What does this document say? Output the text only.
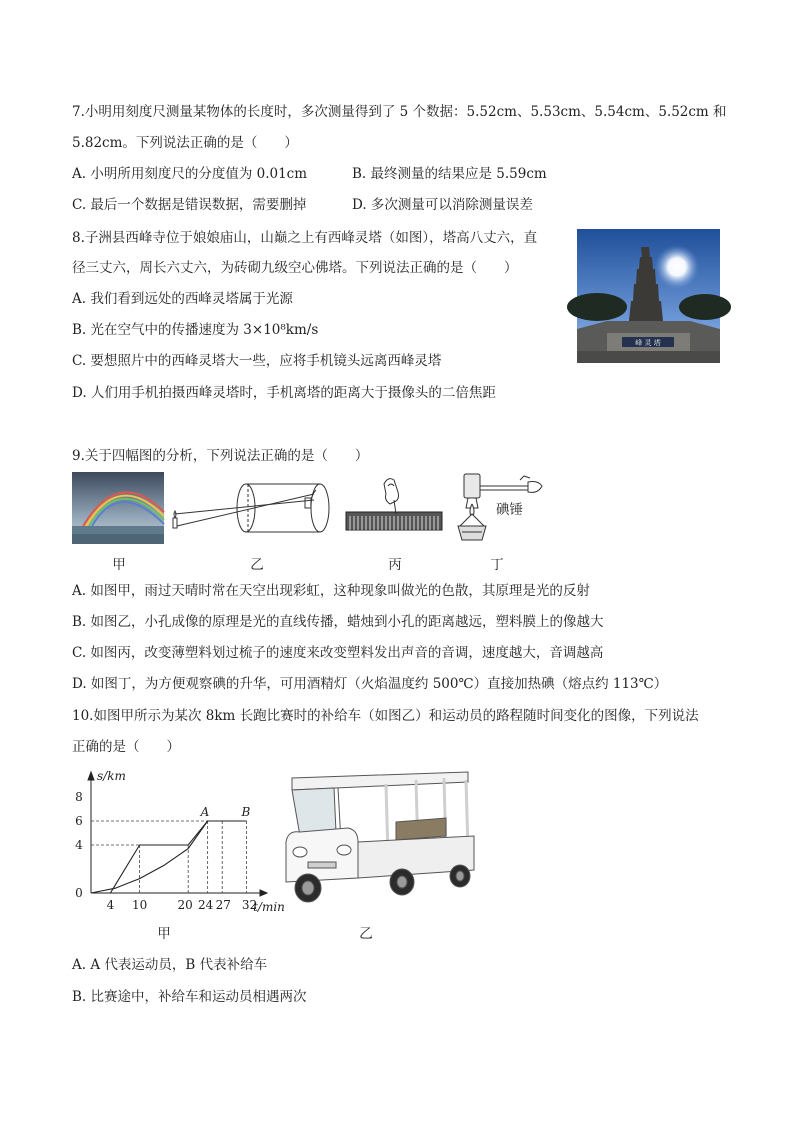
7.小明用刻度尺测量某物体的长度时，多次测量得到了 5 个数据：5.52cm、5.53cm、5.54cm、5.52cm 和
5.82cm。下列说法正确的是（　　）
A. 小明所用刻度尺的分度值为 0.01cm	B. 最终测量的结果应是 5.59cm
C. 最后一个数据是错误数据，需要删掉	D. 多次测量可以消除测量误差
8.子洲县西峰寺位于娘娘庙山，山巅之上有西峰灵塔（如图），塔高八丈六，直
径三丈六，周长六丈六，为砖砌九级空心佛塔。下列说法正确的是（　　）
A. 我们看到远处的西峰灵塔属于光源
B. 光在空气中的传播速度为 3×10⁸km/s
C. 要想照片中的西峰灵塔大一些，应将手机镜头远离西峰灵塔
D. 人们用手机拍摄西峰灵塔时，手机离塔的距离大于摄像头的二倍焦距
峰 灵 塔
9.关于四幅图的分析，下列说法正确的是（　　）
碘锤
甲	乙	丙	丁
A. 如图甲，雨过天晴时常在天空出现彩虹，这种现象叫做光的色散，其原理是光的反射
B. 如图乙，小孔成像的原理是光的直线传播，蜡烛到小孔的距离越远，塑料膜上的像越大
C. 如图丙，改变薄塑料划过梳子的速度来改变塑料发出声音的音调，速度越大，音调越高
D. 如图丁，为方便观察碘的升华，可用酒精灯（火焰温度约 500℃）直接加热碘（熔点约 113℃）
10.如图甲所示为某次 8km 长跑比赛时的补给车（如图乙）和运动员的路程随时间变化的图像，下列说法
正确的是（　　）
0
4
6
8
4 10	20 24 27 32
s/km
t/min
A	B
甲	乙
A. A 代表运动员，B 代表补给车
B. 比赛途中，补给车和运动员相遇两次
